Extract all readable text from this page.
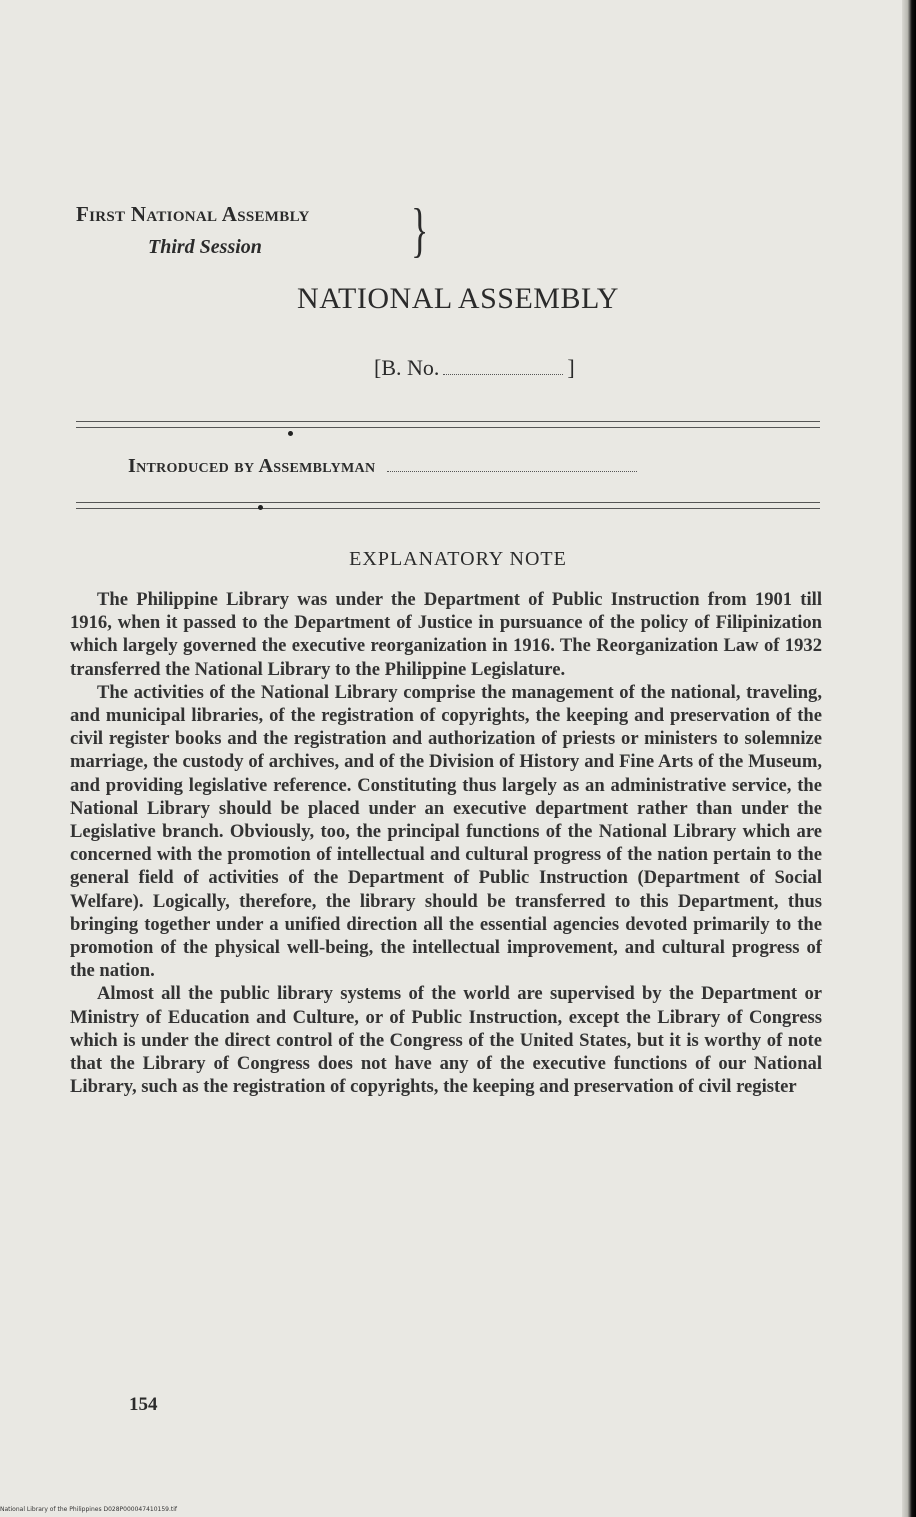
First National Assembly
Third Session }
NATIONAL ASSEMBLY
[B. No.	]
Introduced by Assemblyman
EXPLANATORY NOTE

The Philippine Library was under the Department of Public Instruction from 1901 till 1916, when it passed to the Department of Justice in pursuance of the policy of Filipinization which largely governed the executive reorganization in 1916. The Reorganization Law of 1932 transferred the National Library to the Philippine Legislature.

The activities of the National Library comprise the management of the national, traveling, and municipal libraries, of the registration of copyrights, the keeping and preservation of the civil register books and the registration and authorization of priests or ministers to solemnize marriage, the custody of archives, and of the Division of History and Fine Arts of the Museum, and providing legislative reference. Constituting thus largely as an administrative service, the National Library should be placed under an executive department rather than under the Legislative branch. Obviously, too, the principal functions of the National Library which are concerned with the promotion of intellectual and cultural progress of the nation pertain to the general field of activities of the Department of Public Instruction (Department of Social Welfare). Logically, therefore, the library should be transferred to this Department, thus bringing together under a unified direction all the essential agencies devoted primarily to the promotion of the physical well-being, the intellectual improvement, and cultural progress of the nation.

Almost all the public library systems of the world are supervised by the Department or Ministry of Education and Culture, or of Public Instruction, except the Library of Congress which is under the direct control of the Congress of the United States, but it is worthy of note that the Library of Congress does not have any of the executive functions of our National Library, such as the registration of copyrights, the keeping and preservation of civil register

154
National Library of the Philippines D028P000047410159.tif
